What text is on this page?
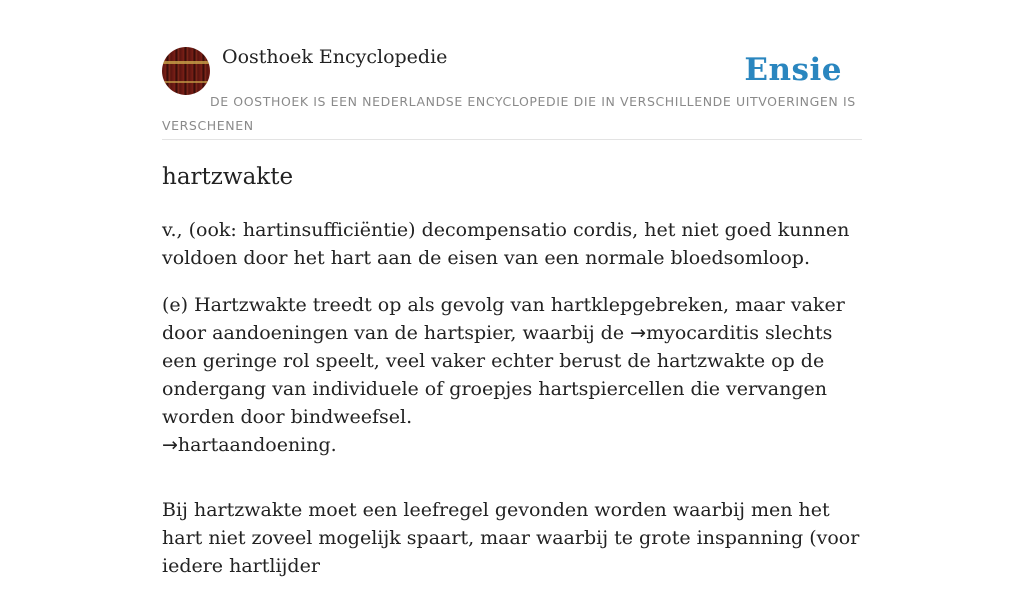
Oosthoek Encyclopedie	Ensie
DE OOSTHOEK IS EEN NEDERLANDSE ENCYCLOPEDIE DIE IN VERSCHILLENDE UITVOERINGEN IS VERSCHENEN
hartzwakte

v., (ook: hartinsufficiëntie) decompensatio cordis, het niet goed kunnen voldoen door het hart aan de eisen van een normale bloedsomloop.

(e) Hartzwakte treedt op als gevolg van hartklepgebreken, maar vaker door aandoeningen van de hartspier, waarbij de →myocarditis slechts een geringe rol speelt, veel vaker echter berust de hartzwakte op de ondergang van individuele of groepjes hartspiercellen die vervangen worden door bindweefsel.
→hartaandoening.

Bij hartzwakte moet een leefregel gevonden worden waarbij men het hart niet zoveel mogelijk spaart, maar waarbij te grote inspanning (voor iedere hartlijder
